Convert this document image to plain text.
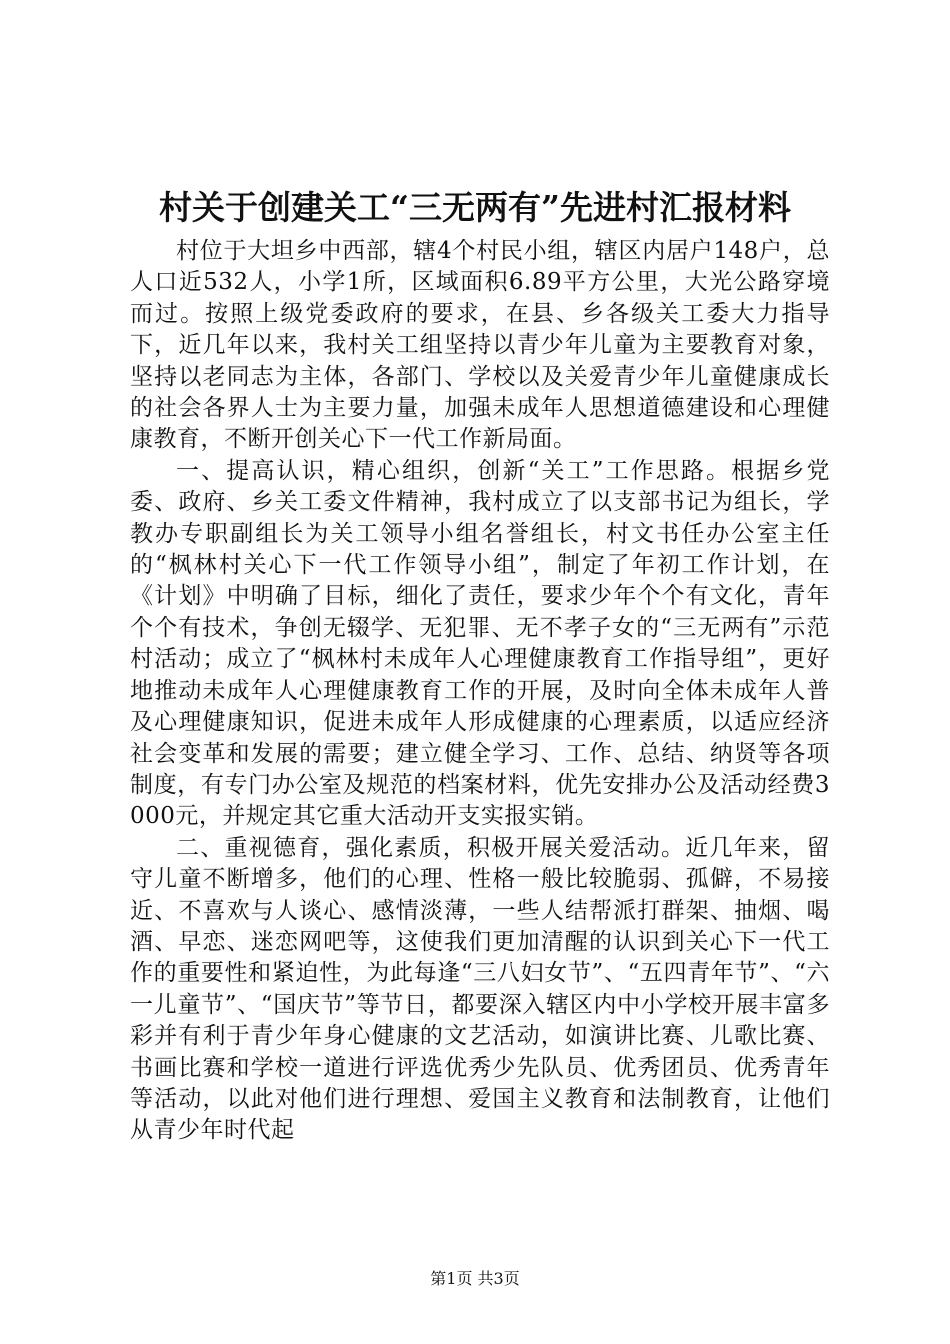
村关于创建关工“三无两有”先进村汇报材料

村位于大坦乡中西部，辖4个村民小组，辖区内居户148户，总人口近532人，小学1所，区域面积6.89平方公里，大光公路穿境而过。按照上级党委政府的要求，在县、乡各级关工委大力指导下，近几年以来，我村关工组坚持以青少年儿童为主要教育对象，坚持以老同志为主体，各部门、学校以及关爱青少年儿童健康成长的社会各界人士为主要力量，加强未成年人思想道德建设和心理健康教育，不断开创关心下一代工作新局面。

一、提高认识，精心组织，创新“关工”工作思路。根据乡党委、政府、乡关工委文件精神，我村成立了以支部书记为组长，学教办专职副组长为关工领导小组名誉组长，村文书任办公室主任的“枫林村关心下一代工作领导小组”，制定了年初工作计划，在《计划》中明确了目标，细化了责任，要求少年个个有文化，青年个个有技术，争创无辍学、无犯罪、无不孝子女的“三无两有”示范村活动；成立了“枫林村未成年人心理健康教育工作指导组”，更好地推动未成年人心理健康教育工作的开展，及时向全体未成年人普及心理健康知识，促进未成年人形成健康的心理素质，以适应经济社会变革和发展的需要；建立健全学习、工作、总结、纳贤等各项制度，有专门办公室及规范的档案材料，优先安排办公及活动经费3000元，并规定其它重大活动开支实报实销。

二、重视德育，强化素质，积极开展关爱活动。近几年来，留守儿童不断增多，他们的心理、性格一般比较脆弱、孤僻，不易接近、不喜欢与人谈心、感情淡薄，一些人结帮派打群架、抽烟、喝酒、早恋、迷恋网吧等，这使我们更加清醒的认识到关心下一代工作的重要性和紧迫性，为此每逢“三八妇女节”、“五四青年节”、“六一儿童节”、“国庆节”等节日，都要深入辖区内中小学校开展丰富多彩并有利于青少年身心健康的文艺活动，如演讲比赛、儿歌比赛、书画比赛和学校一道进行评选优秀少先队员、优秀团员、优秀青年等活动，以此对他们进行理想、爱国主义教育和法制教育，让他们从青少年时代起

第1页 共3页
